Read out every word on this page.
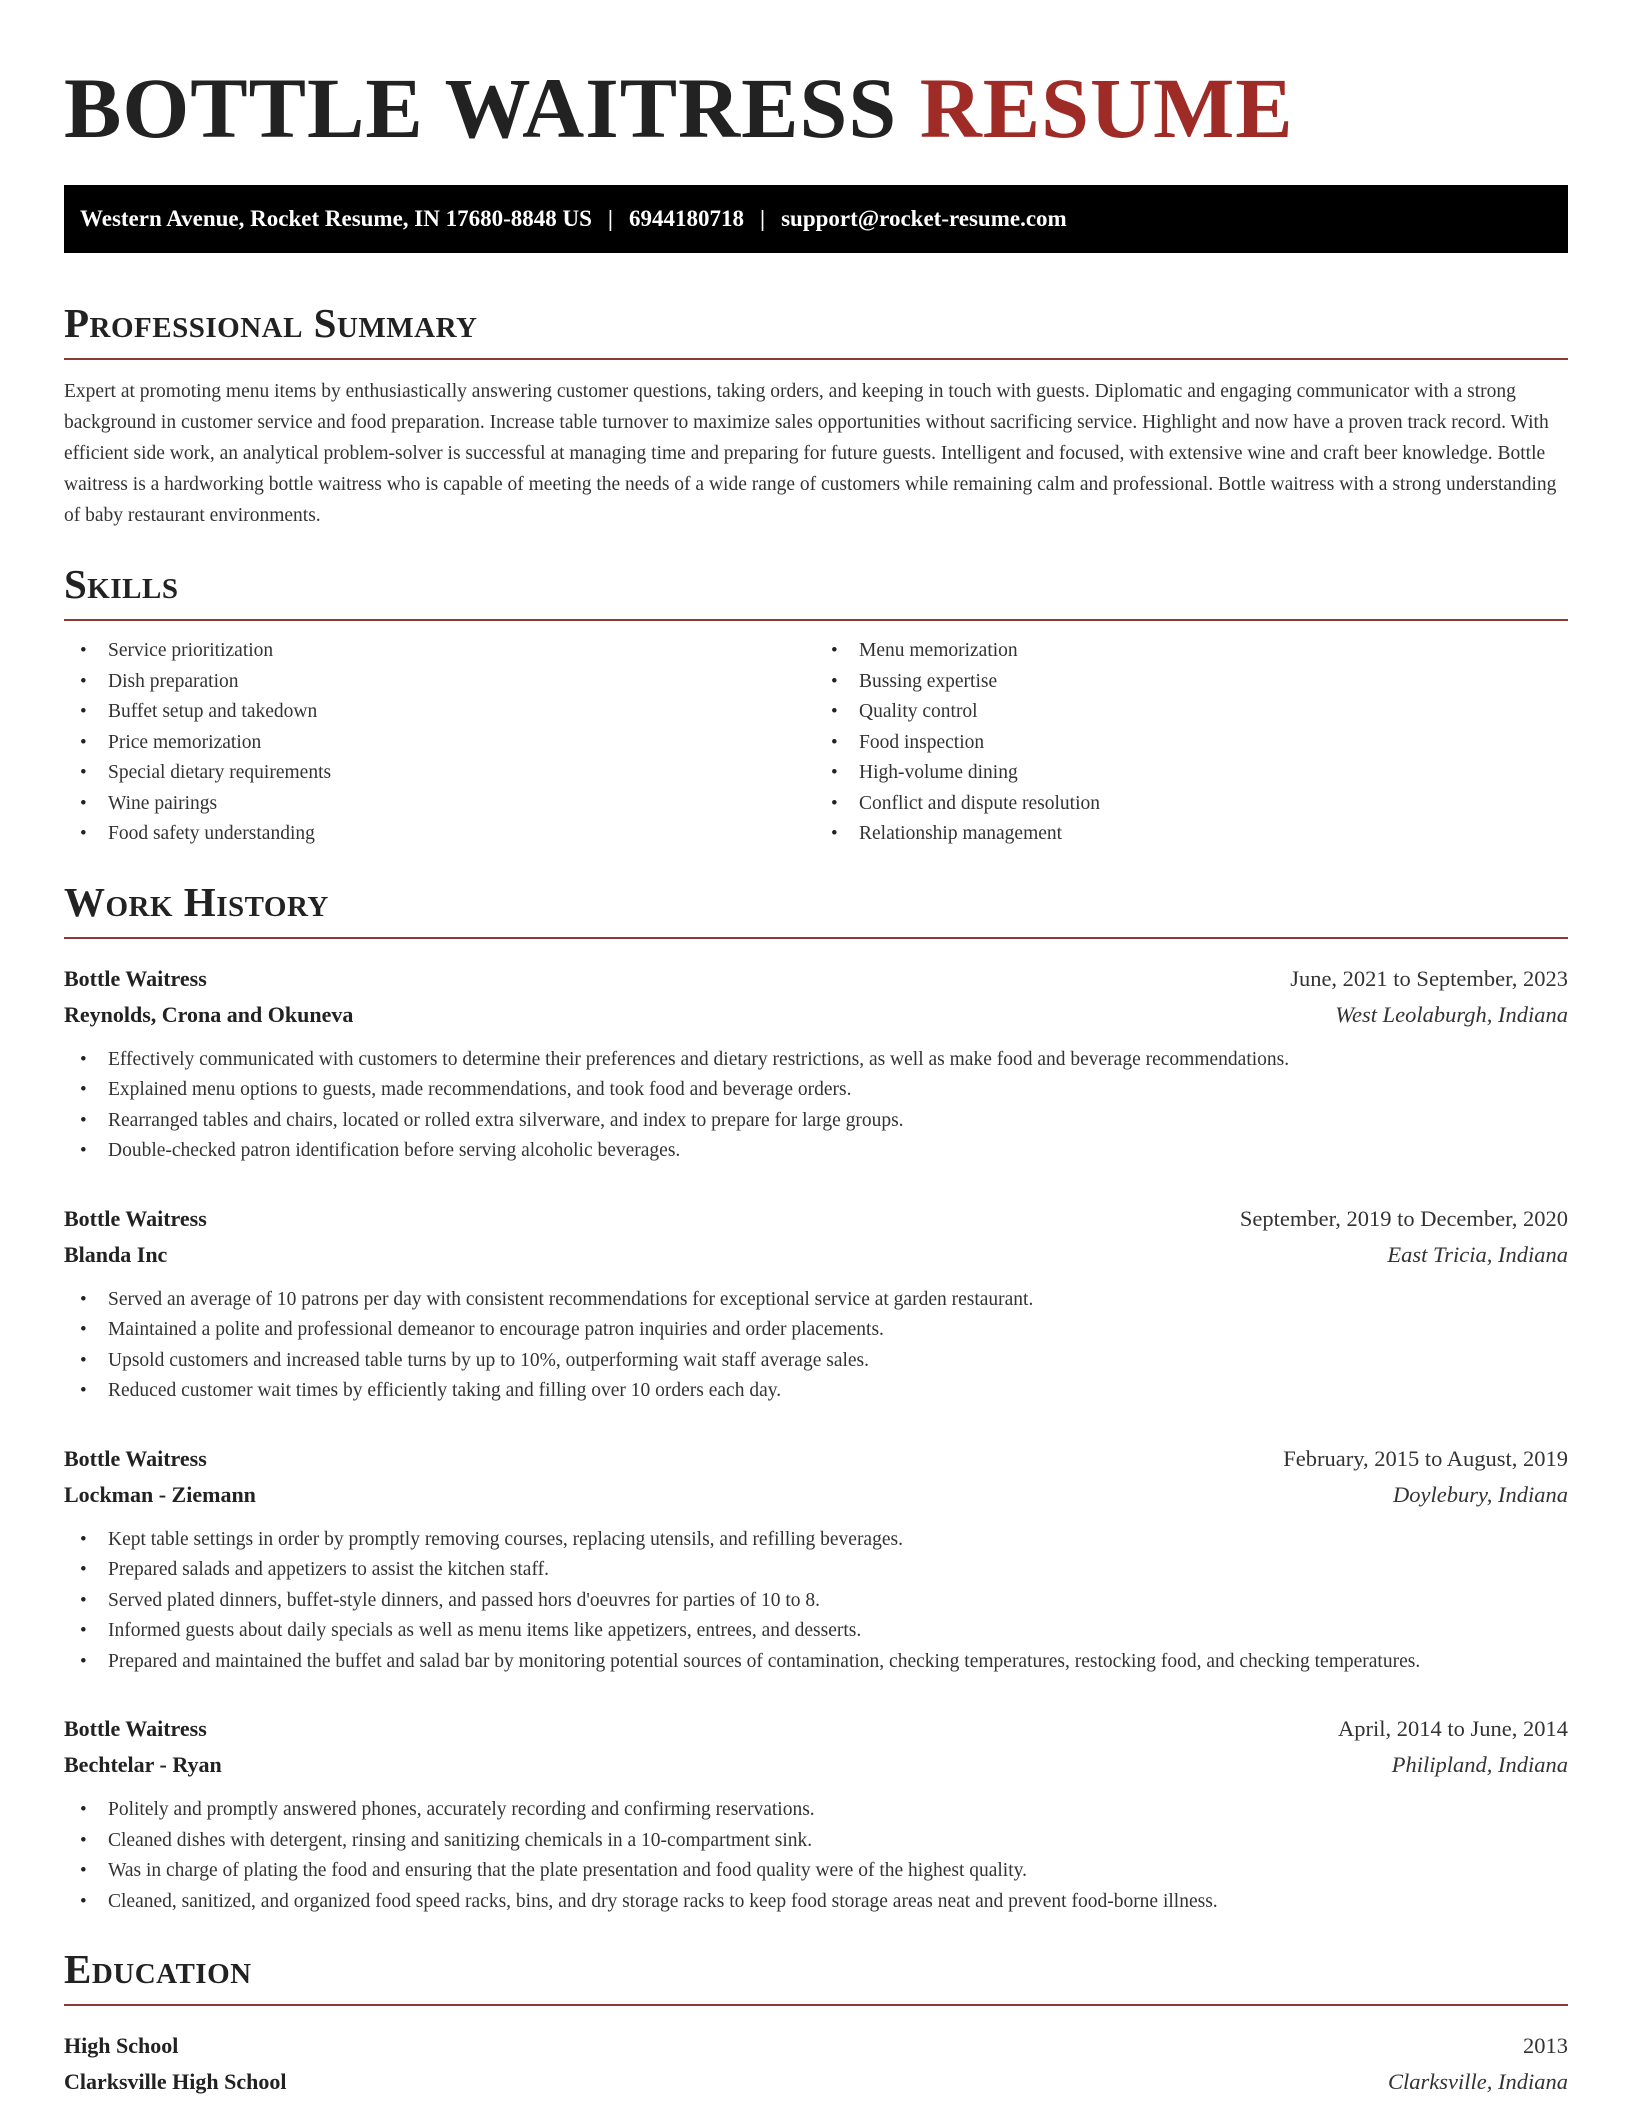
BOTTLE WAITRESS RESUME
Western Avenue, Rocket Resume, IN 17680-8848 US | 6944180718 | support@rocket-resume.com
Professional Summary

Expert at promoting menu items by enthusiastically answering customer questions, taking orders, and keeping in touch with guests. Diplomatic and engaging communicator with a strong background in customer service and food preparation. Increase table turnover to maximize sales opportunities without sacrificing service. Highlight and now have a proven track record. With efficient side work, an analytical problem-solver is successful at managing time and preparing for future guests. Intelligent and focused, with extensive wine and craft beer knowledge. Bottle waitress is a hardworking bottle waitress who is capable of meeting the needs of a wide range of customers while remaining calm and professional. Bottle waitress with a strong understanding of baby restaurant environments.

Skills
• Service prioritization
• Dish preparation
• Buffet setup and takedown
• Price memorization
• Special dietary requirements
• Wine pairings
• Food safety understanding
• Menu memorization
• Bussing expertise
• Quality control
• Food inspection
• High-volume dining
• Conflict and dispute resolution
• Relationship management
Work History
Bottle Waitress	June, 2021 to September, 2023
Reynolds, Crona and Okuneva	West Leolaburgh, Indiana
• Effectively communicated with customers to determine their preferences and dietary restrictions, as well as make food and beverage recommendations.
• Explained menu options to guests, made recommendations, and took food and beverage orders.
• Rearranged tables and chairs, located or rolled extra silverware, and index to prepare for large groups.
• Double-checked patron identification before serving alcoholic beverages.
Bottle Waitress	September, 2019 to December, 2020
Blanda Inc	East Tricia, Indiana
• Served an average of 10 patrons per day with consistent recommendations for exceptional service at garden restaurant.
• Maintained a polite and professional demeanor to encourage patron inquiries and order placements.
• Upsold customers and increased table turns by up to 10%, outperforming wait staff average sales.
• Reduced customer wait times by efficiently taking and filling over 10 orders each day.
Bottle Waitress	February, 2015 to August, 2019
Lockman - Ziemann	Doylebury, Indiana
• Kept table settings in order by promptly removing courses, replacing utensils, and refilling beverages.
• Prepared salads and appetizers to assist the kitchen staff.
• Served plated dinners, buffet-style dinners, and passed hors d'oeuvres for parties of 10 to 8.
• Informed guests about daily specials as well as menu items like appetizers, entrees, and desserts.
• Prepared and maintained the buffet and salad bar by monitoring potential sources of contamination, checking temperatures, restocking food, and checking temperatures.
Bottle Waitress	April, 2014 to June, 2014
Bechtelar - Ryan	Philipland, Indiana
• Politely and promptly answered phones, accurately recording and confirming reservations.
• Cleaned dishes with detergent, rinsing and sanitizing chemicals in a 10-compartment sink.
• Was in charge of plating the food and ensuring that the plate presentation and food quality were of the highest quality.
• Cleaned, sanitized, and organized food speed racks, bins, and dry storage racks to keep food storage areas neat and prevent food-borne illness.
Education
High School	2013
Clarksville High School	Clarksville, Indiana
